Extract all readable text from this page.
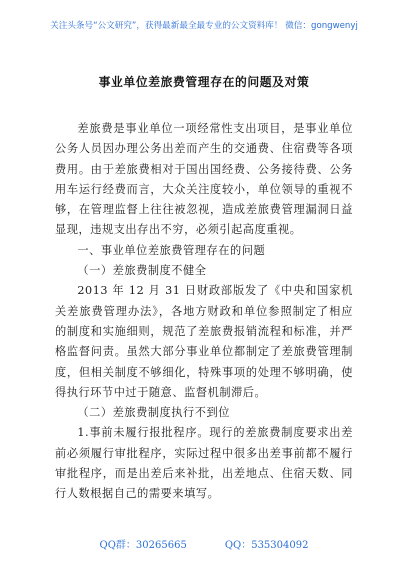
关注头条号“公文研究”，获得最新最全最专业的公文资料库！ 微信：gongwenyj
事业单位差旅费管理存在的问题及对策

差旅费是事业单位一项经常性支出项目，是事业单位公务人员因办理公务出差而产生的交通费、住宿费等各项费用。由于差旅费相对于国出国经费、公务接待费、公务用车运行经费而言，大众关注度较小，单位领导的重视不够，在管理监督上往往被忽视，造成差旅费管理漏洞日益显现，违规支出存出不穷，必须引起高度重视。

一、事业单位差旅费管理存在的问题

（一）差旅费制度不健全

2013 年 12 月 31 日财政部版发了《中央和国家机关差旅费管理办法》，各地方财政和单位参照制定了相应的制度和实施细则，规范了差旅费报销流程和标准，并严格监督问责。虽然大部分事业单位都制定了差旅费管理制度，但相关制度不够细化，特殊事项的处理不够明确，使得执行环节中过于随意、监督机制滞后。

（二）差旅费制度执行不到位

1.事前未履行报批程序。现行的差旅费制度要求出差前必须履行审批程序，实际过程中很多出差事前都不履行审批程序，而是出差后来补批，出差地点、住宿天数、同行人数根据自己的需要来填写。

QQ群：30265665	QQ：535304092
